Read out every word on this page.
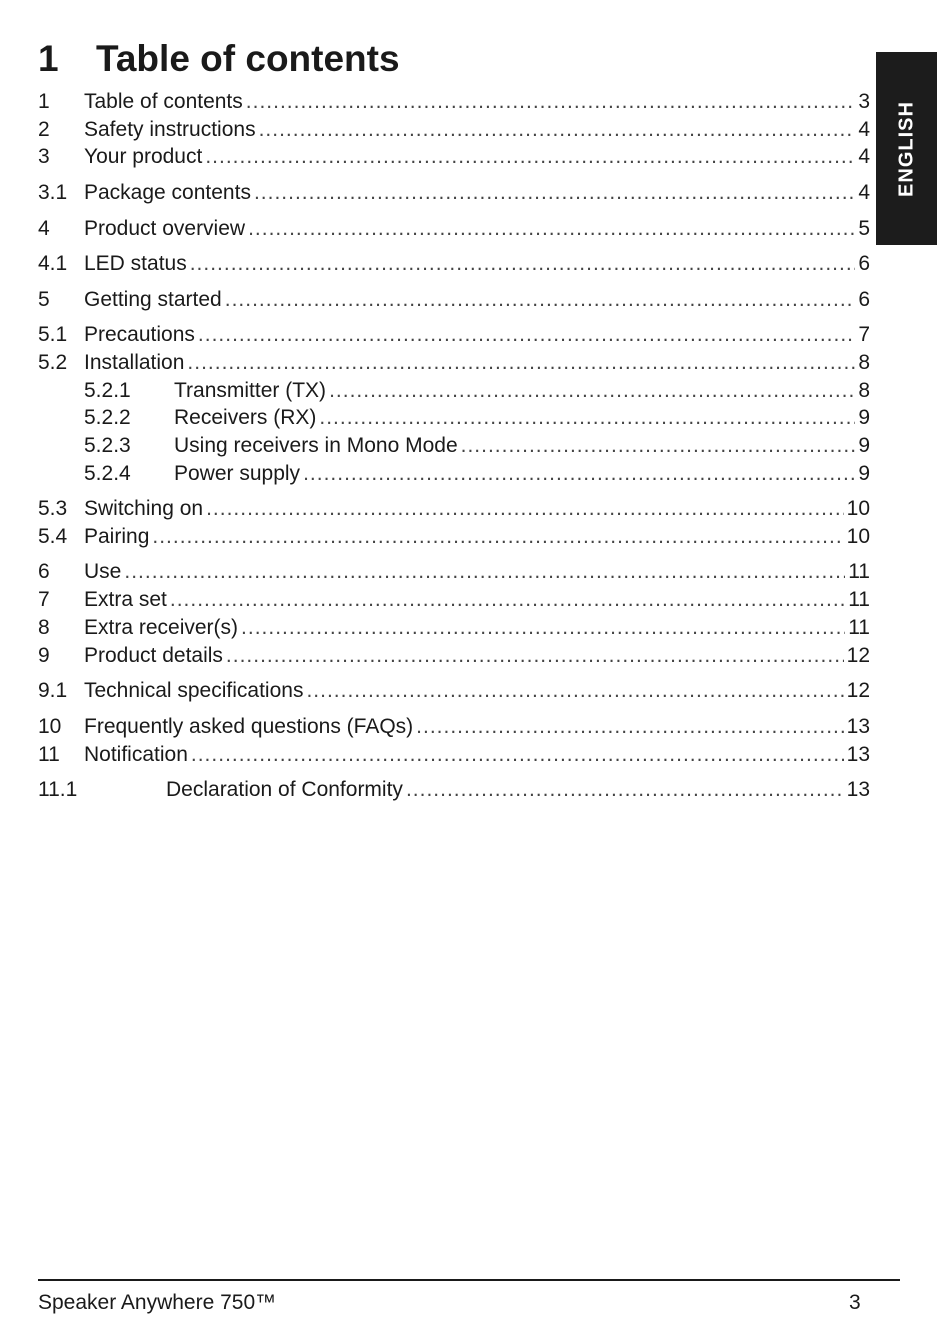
1 Table of contents
ENGLISH
1 Table of contents .....	3
2 Safety instructions .....	4
3 Your product .....	4
3.1 Package contents .....	4
4 Product overview .....	5
4.1 LED status .....	6
5 Getting started .....	6
5.1 Precautions .....	7
5.2 Installation .....	8
5.2.1 Transmitter (TX) .....	8
5.2.2 Receivers (RX) .....	9
5.2.3 Using receivers in Mono Mode .....	9
5.2.4 Power supply .....	9
5.3 Switching on .....	10
5.4 Pairing .....	10
6 Use .....	11
7 Extra set .....	11
8 Extra receiver(s) .....	11
9 Product details .....	12
9.1 Technical specifications .....	12
10 Frequently asked questions (FAQs) .....	13
11 Notification .....	13
11.1	Declaration of Conformity .....	13
Speaker Anywhere 750™	3
